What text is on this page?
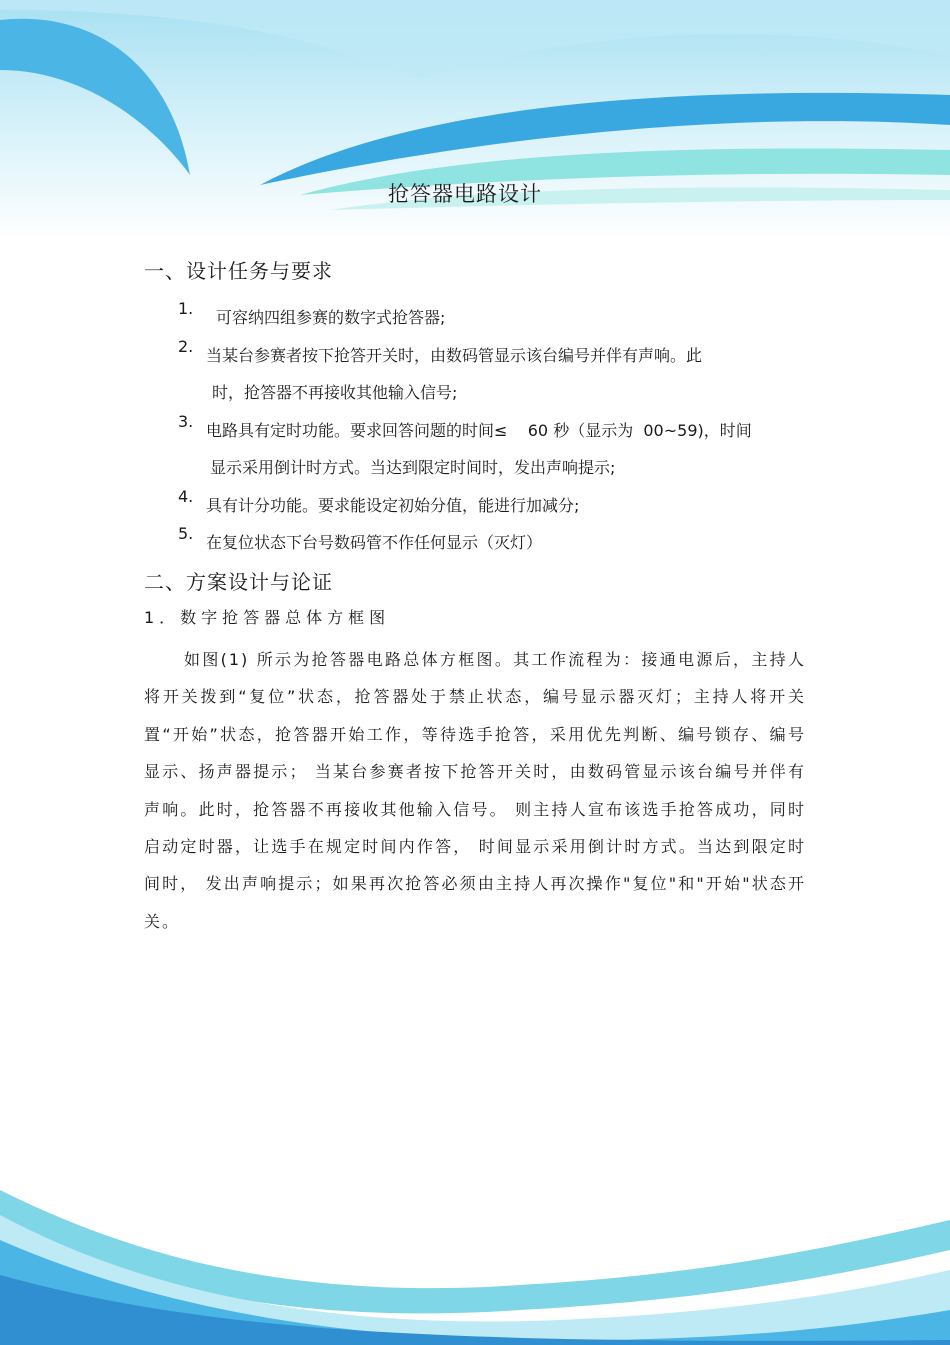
抢答器电路设计
一、设计任务与要求
1. 可容纳四组参赛的数字式抢答器;
2. 当某台参赛者按下抢答开关时，由数码管显示该台编号并伴有声响。此
时，抢答器不再接收其他输入信号;
3. 电路具有定时功能。要求回答问题的时间≤    60 秒（显示为  00~59)，时间
显示采用倒计时方式。当达到限定时间时，发出声响提示;
4. 具有计分功能。要求能设定初始分值，能进行加减分;
5. 在复位状态下台号数码管不作任何显示（灭灯）
二、方案设计与论证
1．数字抢答器总体方框图
如图(1) 所示为抢答器电路总体方框图。其工作流程为：接通电源后，主持人将开关拨到“复位”状态，抢答器处于禁止状态，编号显示器灭灯；主持人将开关置“开始”状态，抢答器开始工作，等待选手抢答，采用优先判断、编号锁存、编号显示、扬声器提示； 当某台参赛者按下抢答开关时，由数码管显示该台编号并伴有声响。此时，抢答器不再接收其他输入信号。 则主持人宣布该选手抢答成功，同时启动定时器，让选手在规定时间内作答， 时间显示采用倒计时方式。当达到限定时间时， 发出声响提示；如果再次抢答必须由主持人再次操作"复位"和"开始"状态开关。
